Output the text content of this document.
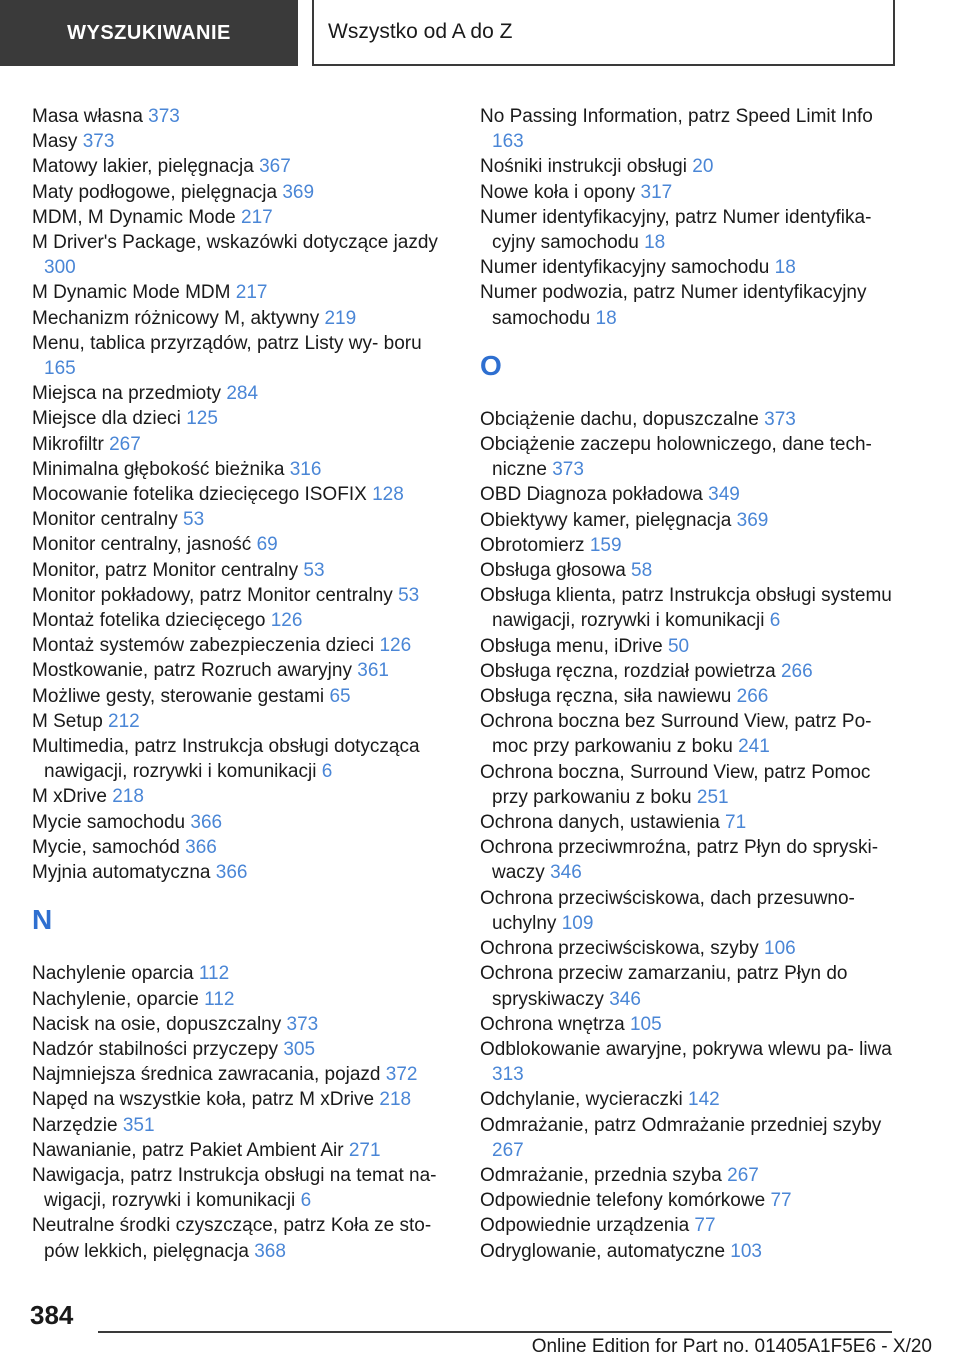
WYSZUKIWANIE	Wszystko od A do Z
Masa własna 373
Masy 373
Matowy lakier, pielęgnacja 367
Maty podłogowe, pielęgnacja 369
MDM, M Dynamic Mode 217
M Driver's Package, wskazówki dotyczące jazdy 300
M Dynamic Mode MDM 217
Mechanizm różnicowy M, aktywny 219
Menu, tablica przyrządów, patrz Listy wy‐ boru 165
Miejsca na przedmioty 284
Miejsce dla dzieci 125
Mikrofiltr 267
Minimalna głębokość bieżnika 316
Mocowanie fotelika dziecięcego ISOFIX 128
Monitor centralny 53
Monitor centralny, jasność 69
Monitor, patrz Monitor centralny 53
Monitor pokładowy, patrz Monitor centralny 53
Montaż fotelika dziecięcego 126
Montaż systemów zabezpieczenia dzieci 126
Mostkowanie, patrz Rozruch awaryjny 361
Możliwe gesty, sterowanie gestami 65
M Setup 212
Multimedia, patrz Instrukcja obsługi dotycząca nawigacji, rozrywki i komunikacji 6
M xDrive 218
Mycie samochodu 366
Mycie, samochód 366
Myjnia automatyczna 366
N
Nachylenie oparcia 112
Nachylenie, oparcie 112
Nacisk na osie, dopuszczalny 373
Nadzór stabilności przyczepy 305
Najmniejsza średnica zawracania, pojazd 372
Napęd na wszystkie koła, patrz M xDrive 218
Narzędzie 351
Nawanianie, patrz Pakiet Ambient Air 271
Nawigacja, patrz Instrukcja obsługi na temat na‐ wigacji, rozrywki i komunikacji 6
Neutralne środki czyszczące, patrz Koła ze sto‐ pów lekkich, pielęgnacja 368
No Passing Information, patrz Speed Limit Info 163
Nośniki instrukcji obsługi 20
Nowe koła i opony 317
Numer identyfikacyjny, patrz Numer identyfika‐ cyjny samochodu 18
Numer identyfikacyjny samochodu 18
Numer podwozia, patrz Numer identyfikacyjny samochodu 18
O
Obciążenie dachu, dopuszczalne 373
Obciążenie zaczepu holowniczego, dane tech‐ niczne 373
OBD Diagnoza pokładowa 349
Obiektywy kamer, pielęgnacja 369
Obrotomierz 159
Obsługa głosowa 58
Obsługa klienta, patrz Instrukcja obsługi systemu nawigacji, rozrywki i komunikacji 6
Obsługa menu, iDrive 50
Obsługa ręczna, rozdział powietrza 266
Obsługa ręczna, siła nawiewu 266
Ochrona boczna bez Surround View, patrz Po‐ moc przy parkowaniu z boku 241
Ochrona boczna, Surround View, patrz Pomoc przy parkowaniu z boku 251
Ochrona danych, ustawienia 71
Ochrona przeciwmroźna, patrz Płyn do spryski‐ waczy 346
Ochrona przeciwściskowa, dach przesuwno‐ uchylny 109
Ochrona przeciwściskowa, szyby 106
Ochrona przeciw zamarzaniu, patrz Płyn do spryskiwaczy 346
Ochrona wnętrza 105
Odblokowanie awaryjne, pokrywa wlewu pa‐ liwa 313
Odchylanie, wycieraczki 142
Odmrażanie, patrz Odmrażanie przedniej szyby 267
Odmrażanie, przednia szyba 267
Odpowiednie telefony komórkowe 77
Odpowiednie urządzenia 77
Odryglowanie, automatyczne 103
384
Online Edition for Part no. 01405A1F5E6 - X/20
